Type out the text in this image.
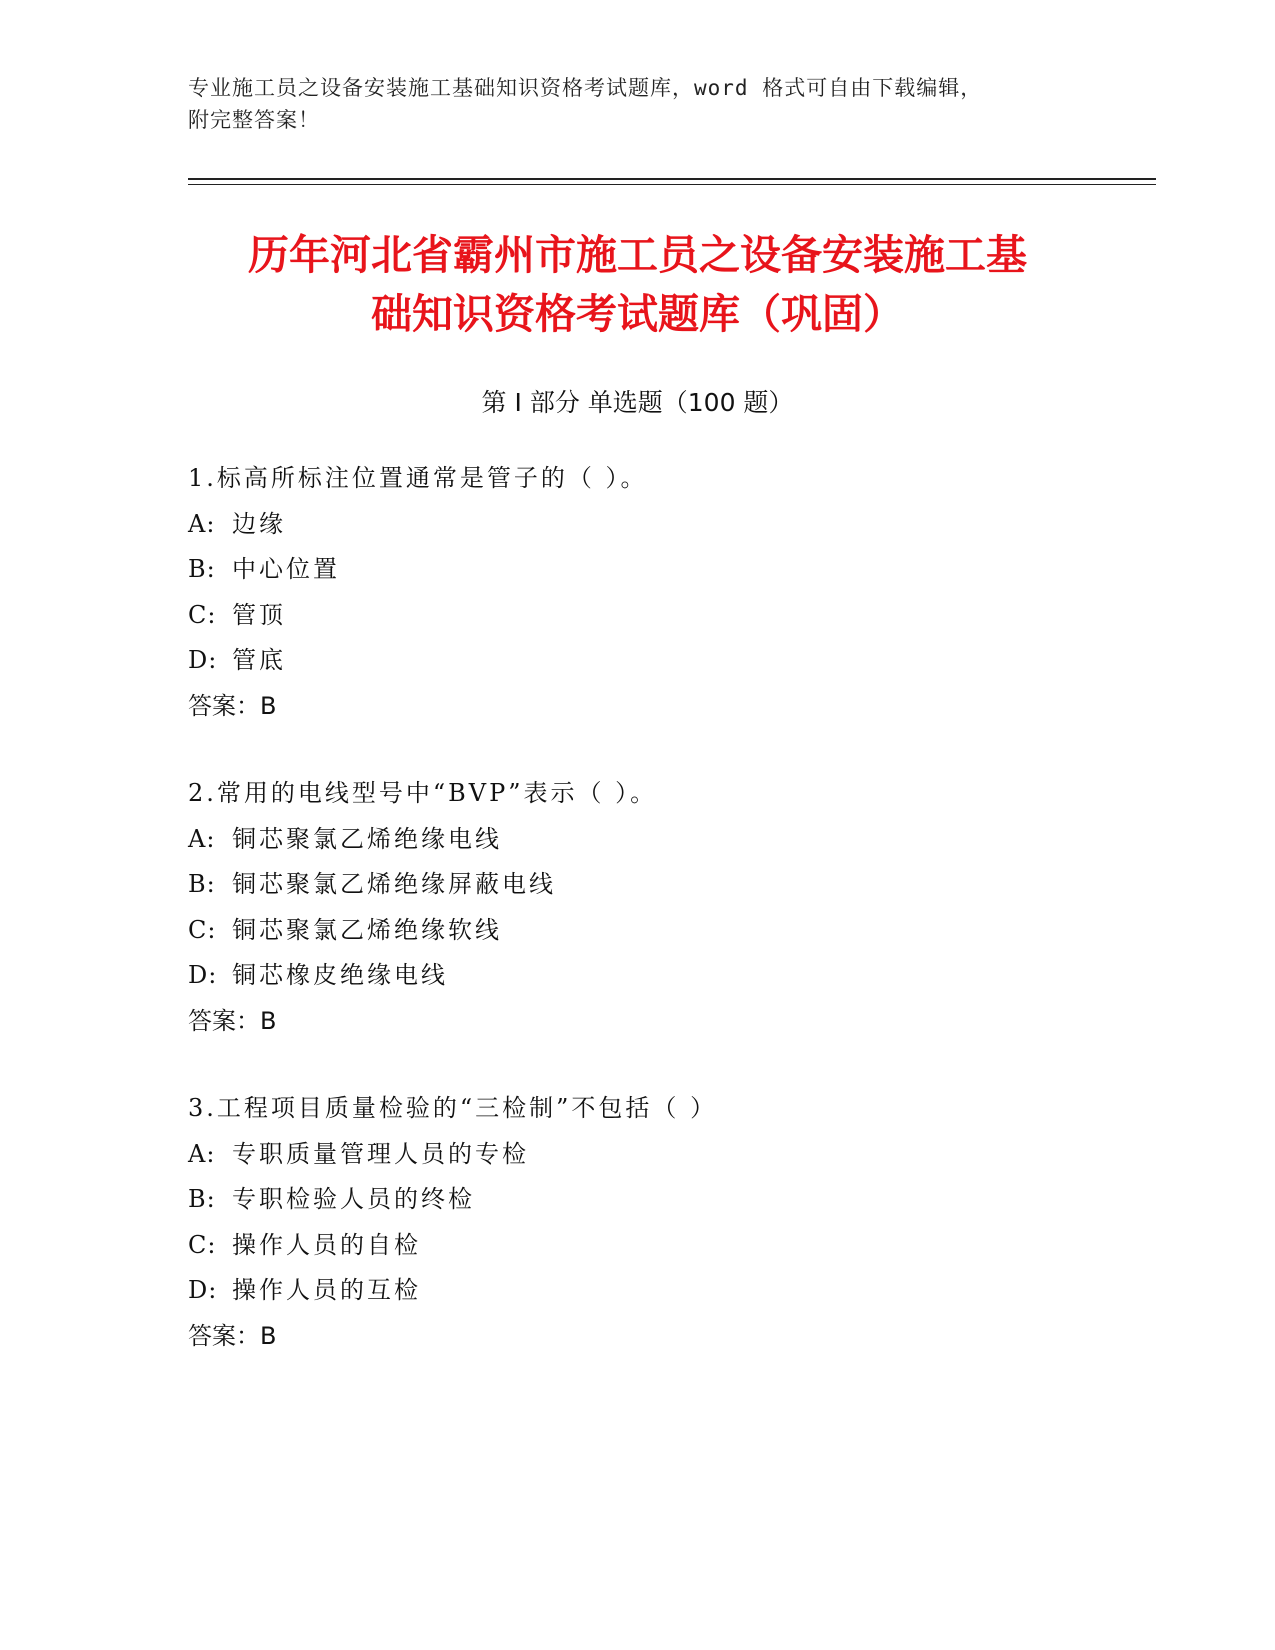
专业施工员之设备安装施工基础知识资格考试题库，word 格式可自由下载编辑，
附完整答案！
历年河北省霸州市施工员之设备安装施工基
础知识资格考试题库（巩固）
第 I 部分 单选题（100 题）
1.标高所标注位置通常是管子的（ ）。
A: 边缘
B: 中心位置
C: 管顶
D: 管底
答案：B
2.常用的电线型号中“BVP”表示（ ）。
A: 铜芯聚氯乙烯绝缘电线
B: 铜芯聚氯乙烯绝缘屏蔽电线
C: 铜芯聚氯乙烯绝缘软线
D: 铜芯橡皮绝缘电线
答案：B
3.工程项目质量检验的“三检制”不包括（ ）
A: 专职质量管理人员的专检
B: 专职检验人员的终检
C: 操作人员的自检
D: 操作人员的互检
答案：B
